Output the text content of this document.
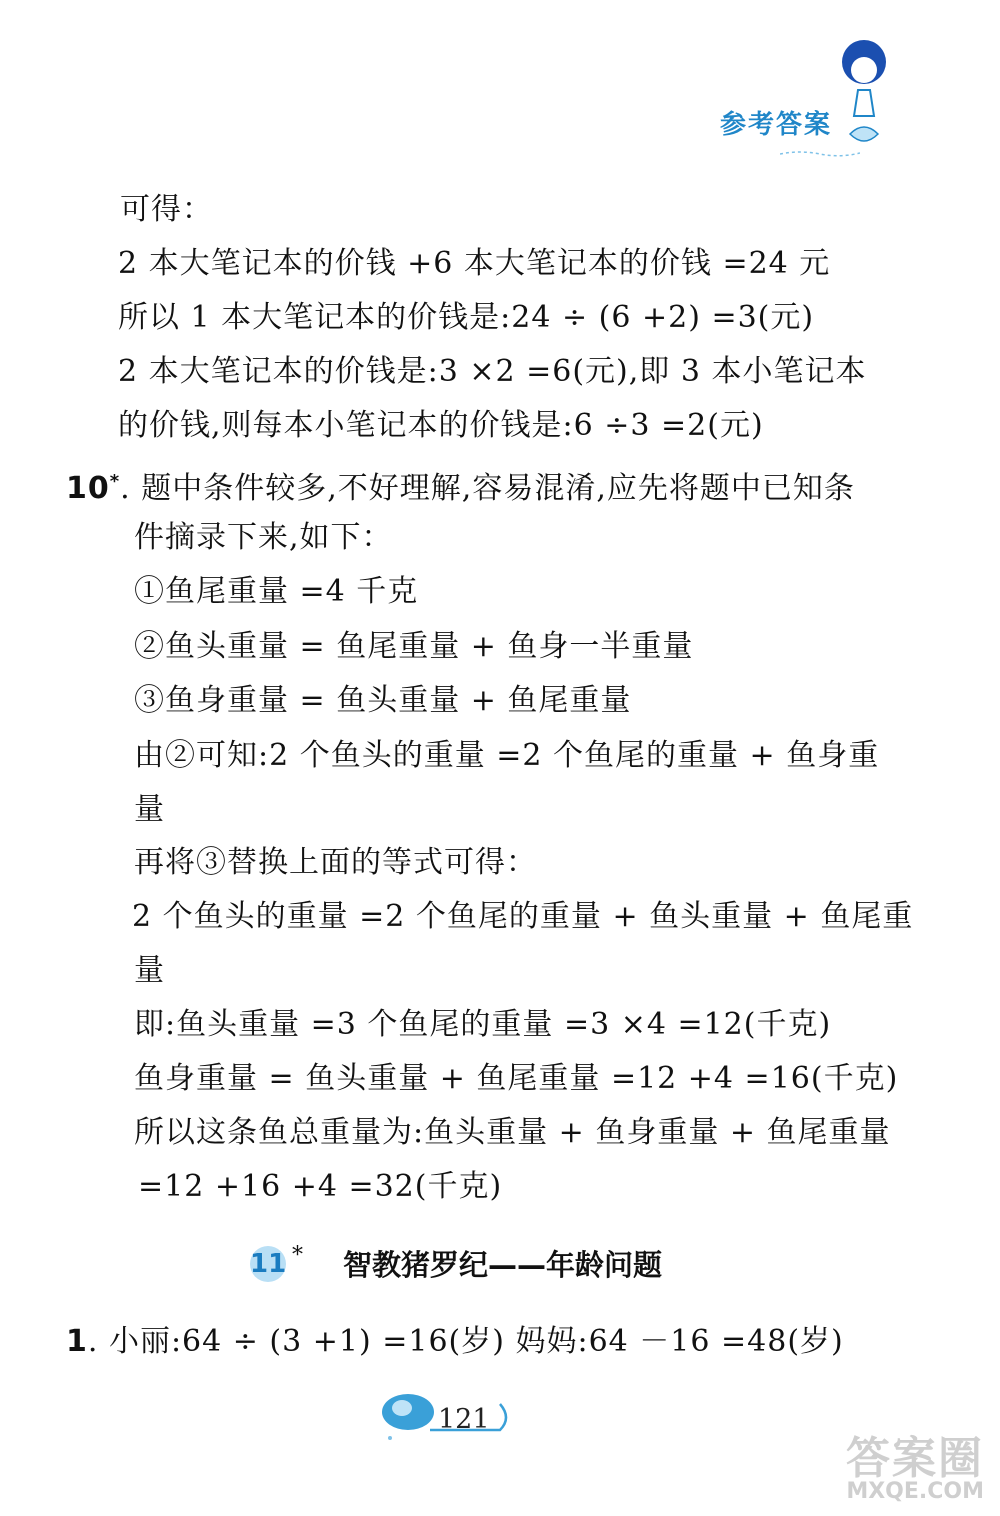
参考答案
可得：
2 本大笔记本的价钱 +6 本大笔记本的价钱 =24 元
所以 1 本大笔记本的价钱是:24 ÷ (6 +2) =3(元)
2 本大笔记本的价钱是:3 ×2 =6(元),即 3 本小笔记本
的价钱,则每本小笔记本的价钱是:6 ÷3 =2(元)
10*. 题中条件较多,不好理解,容易混淆,应先将题中已知条
件摘录下来,如下：
①鱼尾重量 =4 千克
②鱼头重量 = 鱼尾重量 + 鱼身一半重量
③鱼身重量 = 鱼头重量 + 鱼尾重量
由②可知:2 个鱼头的重量 =2 个鱼尾的重量 + 鱼身重
量
再将③替换上面的等式可得：
2 个鱼头的重量 =2 个鱼尾的重量 + 鱼头重量 + 鱼尾重
量
即:鱼头重量 =3 个鱼尾的重量 =3 ×4 =12(千克)
鱼身重量 = 鱼头重量 + 鱼尾重量 =12 +4 =16(千克)
所以这条鱼总重量为:鱼头重量 + 鱼身重量 + 鱼尾重量
=12 +16 +4 =32(千克)
11 * 智教猪罗纪——年龄问题
1. 小丽:64 ÷ (3 +1) =16(岁) 妈妈:64 －16 =48(岁)
121
答案圈
MXQE.COM
